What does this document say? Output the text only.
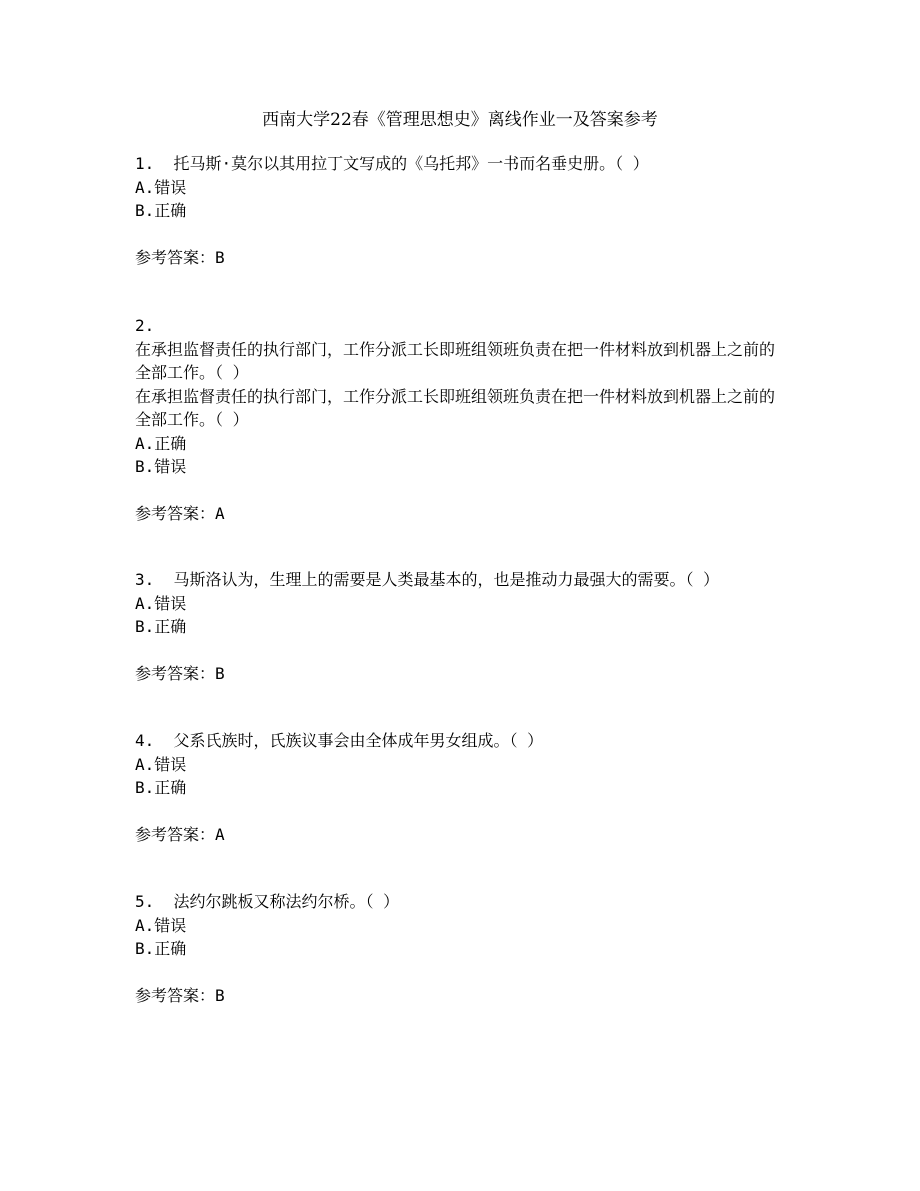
西南大学22春《管理思想史》离线作业一及答案参考
1. 托马斯·莫尔以其用拉丁文写成的《乌托邦》一书而名垂史册。（ ）
A.错误
B.正确
参考答案：B
2.
在承担监督责任的执行部门，工作分派工长即班组领班负责在把一件材料放到机器上之前的全部工作。（ ）
在承担监督责任的执行部门，工作分派工长即班组领班负责在把一件材料放到机器上之前的全部工作。（ ）
A.正确
B.错误
参考答案：A
3. 马斯洛认为，生理上的需要是人类最基本的，也是推动力最强大的需要。（ ）
A.错误
B.正确
参考答案：B
4. 父系氏族时，氏族议事会由全体成年男女组成。（ ）
A.错误
B.正确
参考答案：A
5. 法约尔跳板又称法约尔桥。（ ）
A.错误
B.正确
参考答案：B
